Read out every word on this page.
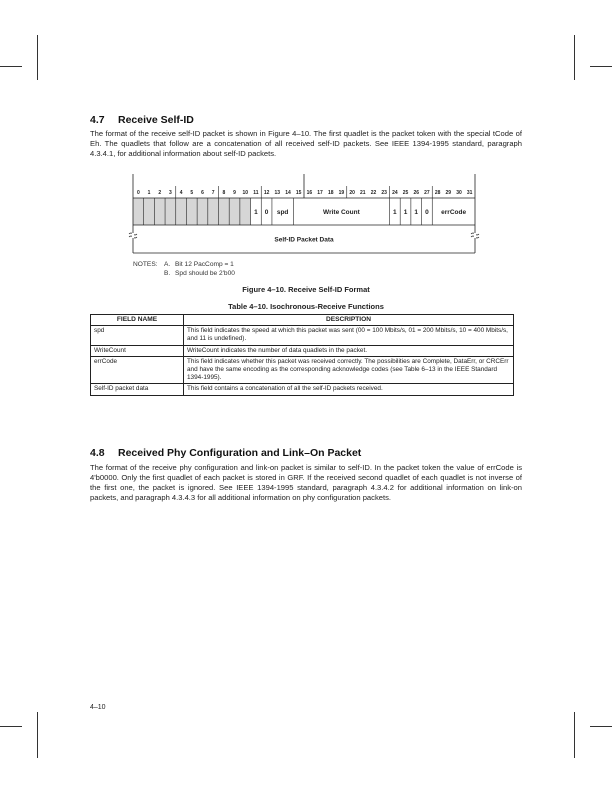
4.7 Receive Self-ID

The format of the receive self-ID packet is shown in Figure 4–10. The first quadlet is the packet token with the special tCode of Eh. The quadlets that follow are a concatenation of all received self-ID packets. See IEEE 1394-1995 standard, paragraph 4.3.4.1, for additional information about self-ID packets.

0 1 2 3 4 5 6 7 8 9 10 11 12 13 14 15 16 17 18 19 20 21 22 23 24 25 26 27 28 29 30 31
1 0 spd	Write Count	1 1 1 0 errCode
Self-ID Packet Data
NOTES: A. Bit 12 PacComp = 1
B. Spd should be 2'b00
Figure 4–10. Receive Self-ID Format
Table 4–10. Isochronous-Receive Functions
FIELD NAME	DESCRIPTION
spd	This field indicates the speed at which this packet was sent (00 = 100 Mbits/s, 01 = 200 Mbits/s, 10 = 400 Mbits/s, and 11 is undefined).
WriteCount	WriteCount indicates the number of data quadlets in the packet.
errCode	This field indicates whether this packet was received correctly. The possibilities are Complete, DataErr, or CRCErr and have the same encoding as the corresponding acknowledge codes (see Table 6–13 in the IEEE Standard 1394-1995).
Self-ID packet data	This field contains a concatenation of all the self-ID packets received.
4.8 Received Phy Configuration and Link–On Packet

The format of the receive phy configuration and link-on packet is similar to self-ID. In the packet token the value of errCode is 4'b0000. Only the first quadlet of each packet is stored in GRF. If the received second quadlet of each quadlet is not inverse of the first one, the packet is ignored. See IEEE 1394-1995 standard, paragraph 4.3.4.2 for additional information on link-on packets, and paragraph 4.3.4.3 for all additional information on phy configuration packets.

4–10
